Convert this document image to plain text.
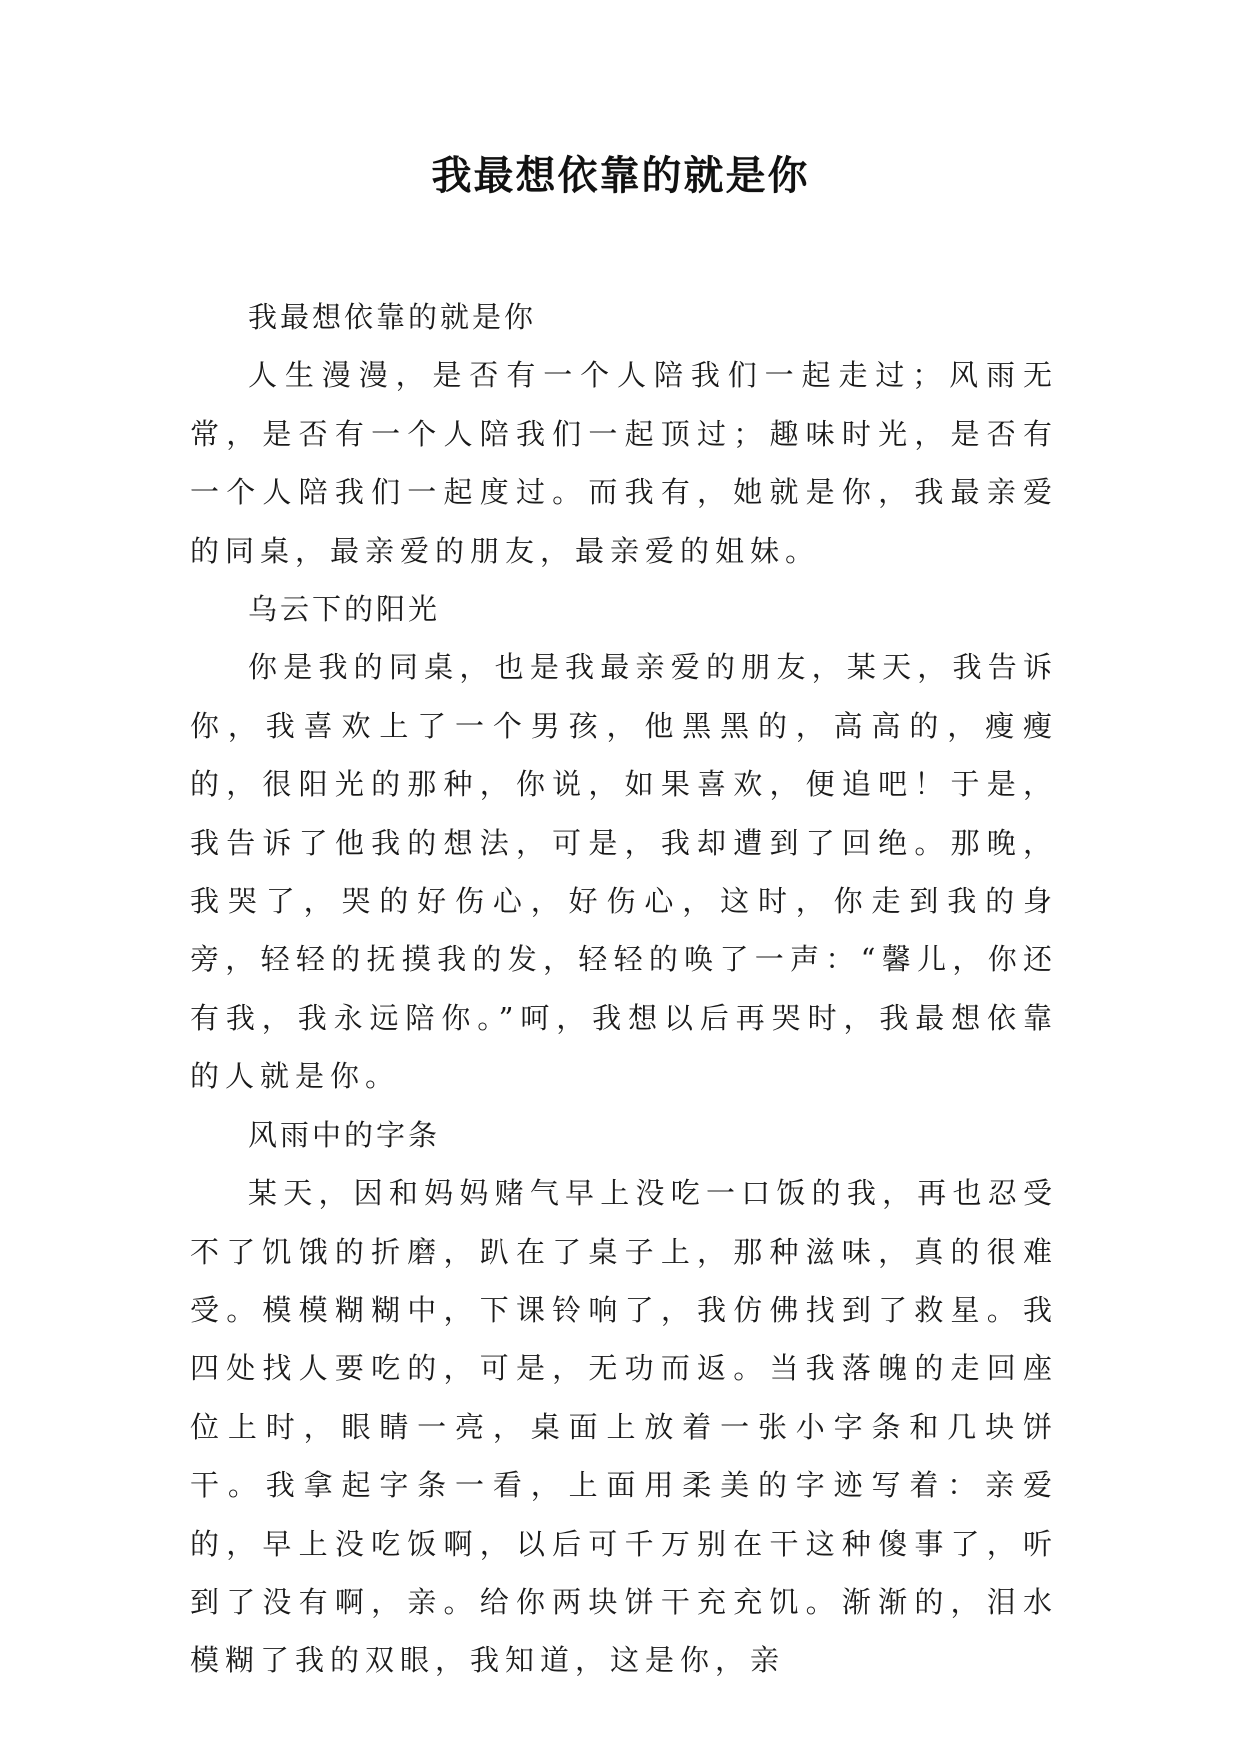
我最想依靠的就是你

我最想依靠的就是你

人生漫漫，是否有一个人陪我们一起走过；风雨无常，是否有一个人陪我们一起顶过；趣味时光，是否有一个人陪我们一起度过。而我有，她就是你，我最亲爱的同桌，最亲爱的朋友，最亲爱的姐妹。

乌云下的阳光

你是我的同桌，也是我最亲爱的朋友，某天，我告诉你，我喜欢上了一个男孩，他黑黑的，高高的，瘦瘦的，很阳光的那种，你说，如果喜欢，便追吧！于是，我告诉了他我的想法，可是，我却遭到了回绝。那晚，我哭了，哭的好伤心，好伤心，这时，你走到我的身旁，轻轻的抚摸我的发，轻轻的唤了一声：“馨儿，你还有我，我永远陪你。”呵，我想以后再哭时，我最想依靠的人就是你。

风雨中的字条

某天，因和妈妈赌气早上没吃一口饭的我，再也忍受不了饥饿的折磨，趴在了桌子上，那种滋味，真的很难受。模模糊糊中，下课铃响了，我仿佛找到了救星。我四处找人要吃的，可是，无功而返。当我落魄的走回座位上时，眼睛一亮，桌面上放着一张小字条和几块饼干。我拿起字条一看，上面用柔美的字迹写着：亲爱的，早上没吃饭啊，以后可千万别在干这种傻事了，听到了没有啊，亲。给你两块饼干充充饥。渐渐的，泪水模糊了我的双眼，我知道，这是你，亲
